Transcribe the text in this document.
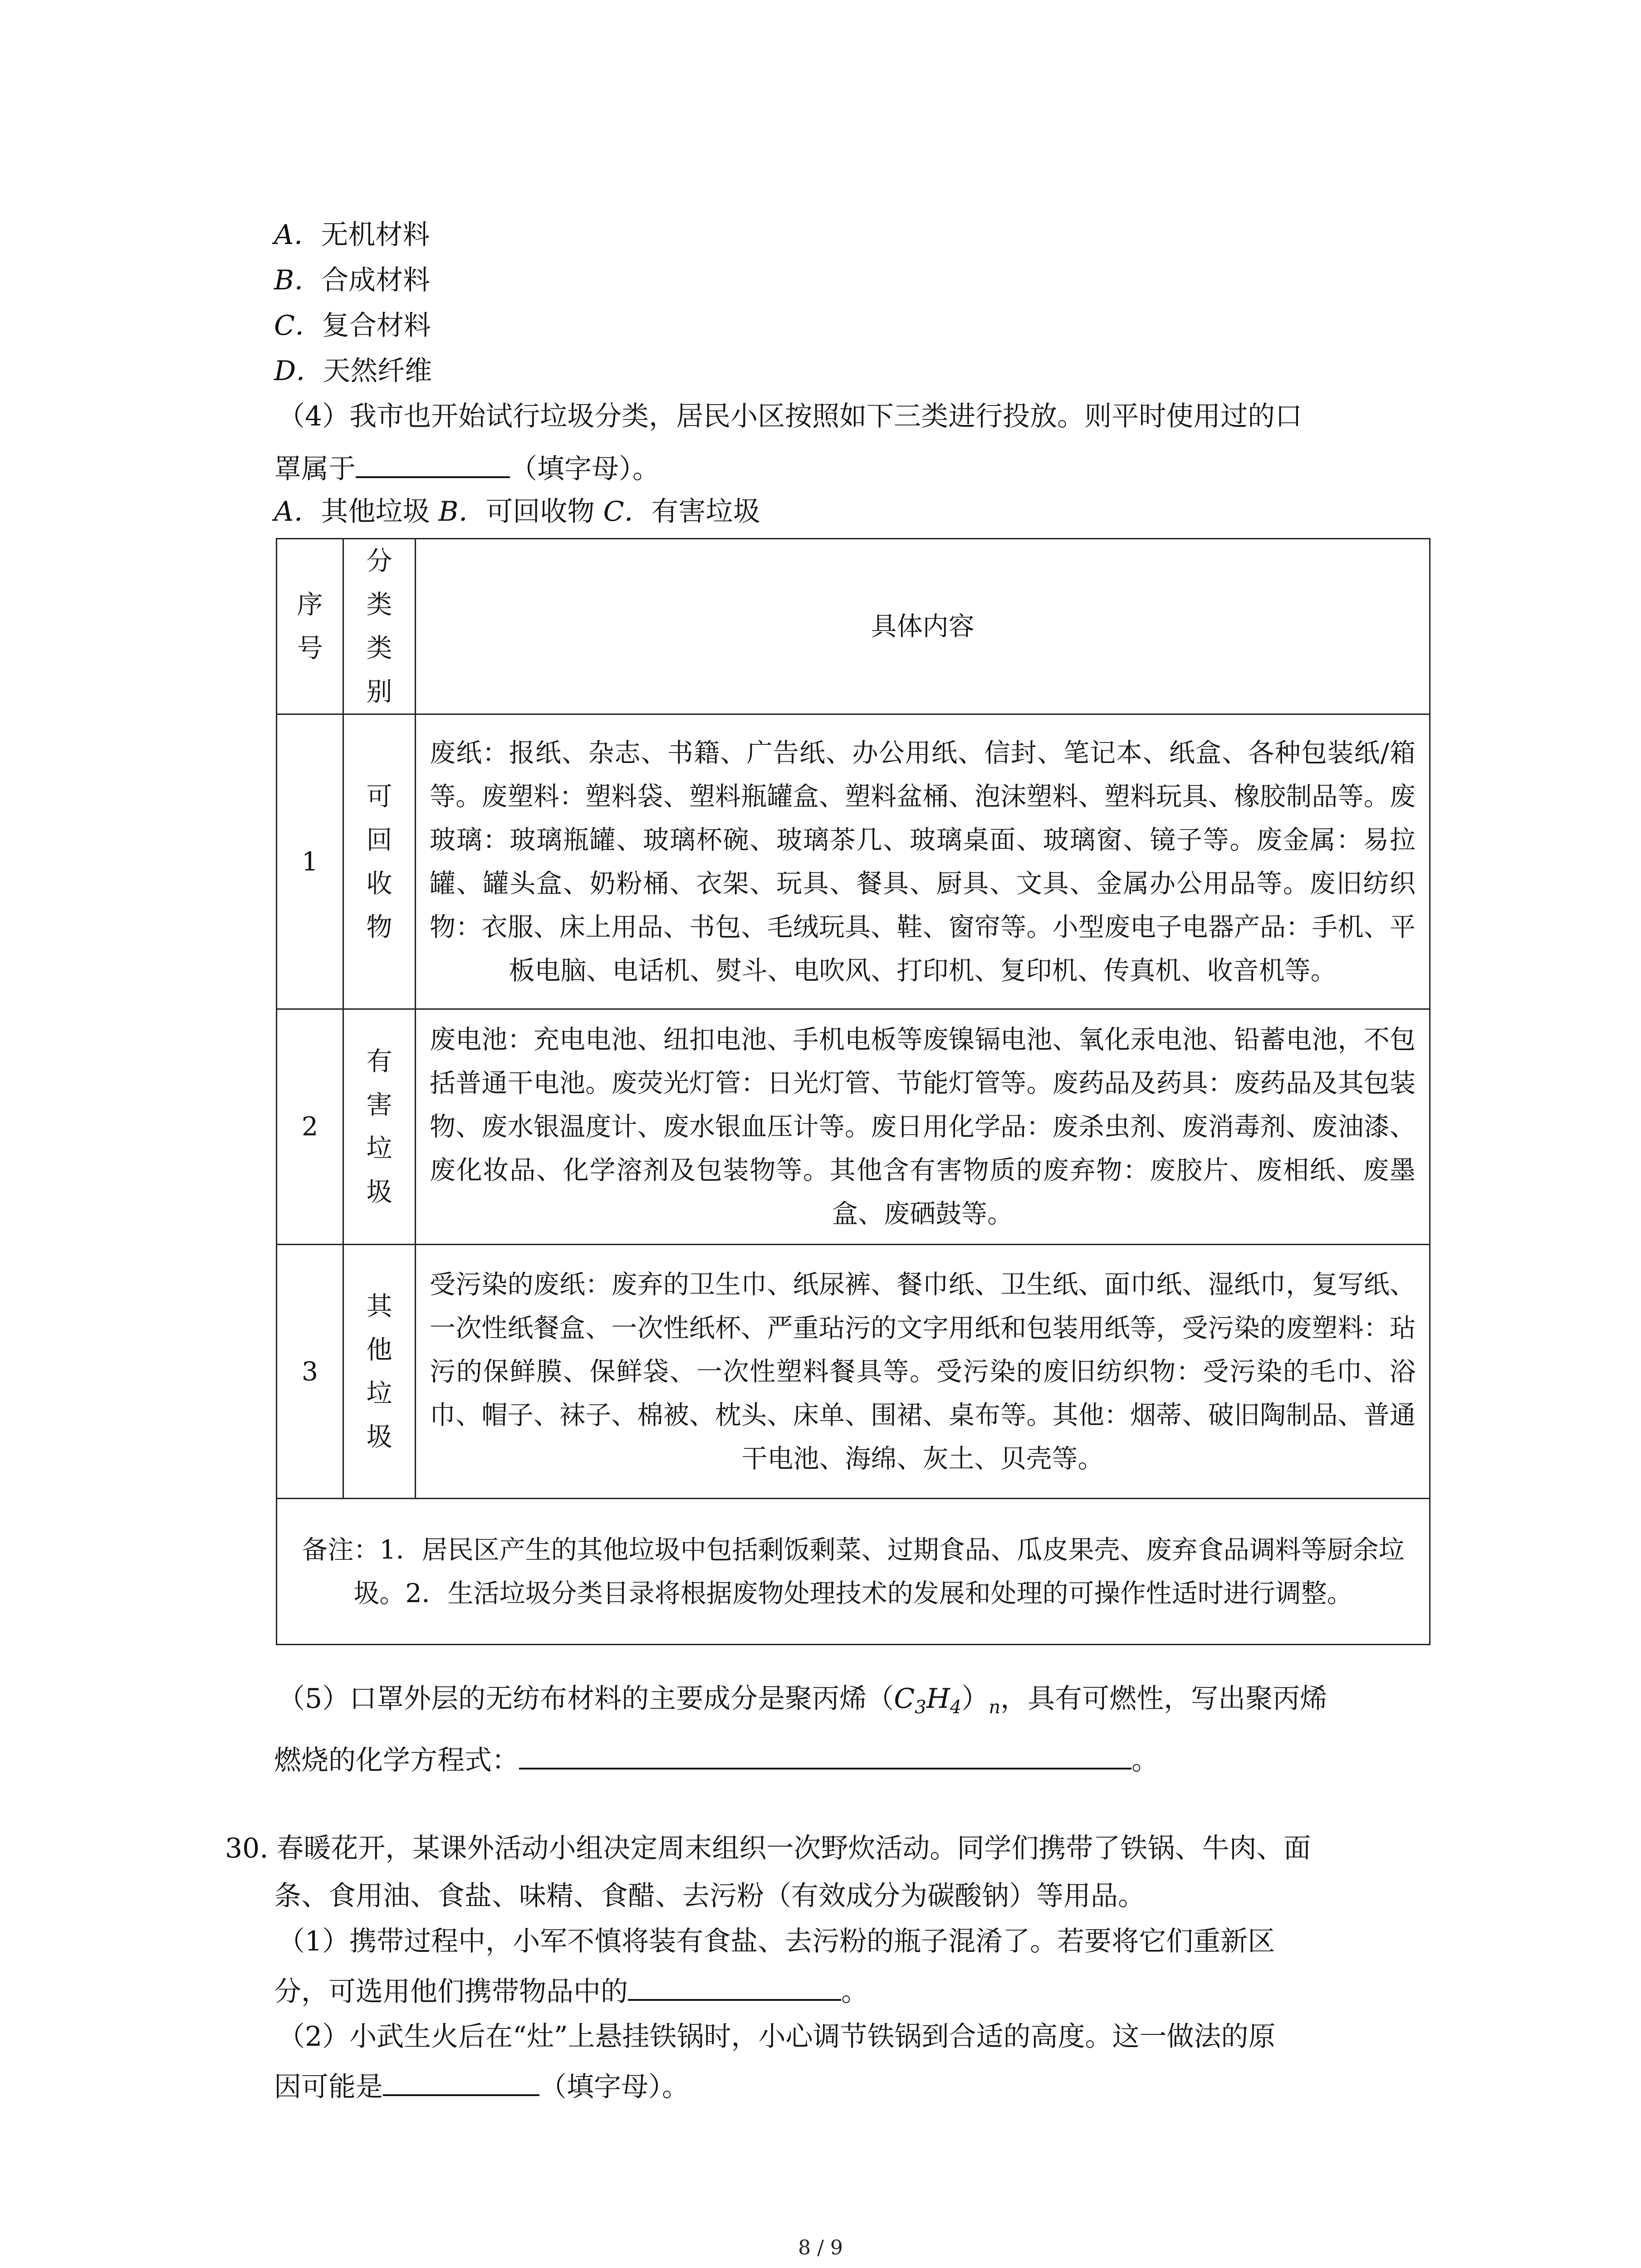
A．无机材料
B．合成材料
C．复合材料
D．天然纤维
（4）我市也开始试行垃圾分类，居民小区按照如下三类进行投放。则平时使用过的口
罩属于	（填字母）。
A．其他垃圾 B．可回收物 C．有害垃圾
序号	分类类别	具体内容
1	可回收物	废纸：报纸、杂志、书籍、广告纸、办公用纸、信封、笔记本、纸盒、各种包装纸/箱等。废塑料：塑料袋、塑料瓶罐盒、塑料盆桶、泡沫塑料、塑料玩具、橡胶制品等。废玻璃：玻璃瓶罐、玻璃杯碗、玻璃茶几、玻璃桌面、玻璃窗、镜子等。废金属：易拉罐、罐头盒、奶粉桶、衣架、玩具、餐具、厨具、文具、金属办公用品等。废旧纺织物：衣服、床上用品、书包、毛绒玩具、鞋、窗帘等。小型废电子电器产品：手机、平板电脑、电话机、熨斗、电吹风、打印机、复印机、传真机、收音机等。
2	有害垃圾	废电池：充电电池、纽扣电池、手机电板等废镍镉电池、氧化汞电池、铅蓄电池，不包括普通干电池。废荧光灯管：日光灯管、节能灯管等。废药品及药具：废药品及其包装物、废水银温度计、废水银血压计等。废日用化学品：废杀虫剂、废消毒剂、废油漆、废化妆品、化学溶剂及包装物等。其他含有害物质的废弃物：废胶片、废相纸、废墨盒、废硒鼓等。
3	其他垃圾	受污染的废纸：废弃的卫生巾、纸尿裤、餐巾纸、卫生纸、面巾纸、湿纸巾，复写纸、一次性纸餐盒、一次性纸杯、严重玷污的文字用纸和包装用纸等，受污染的废塑料：玷污的保鲜膜、保鲜袋、一次性塑料餐具等。受污染的废旧纺织物：受污染的毛巾、浴巾、帽子、袜子、棉被、枕头、床单、围裙、桌布等。其他：烟蒂、破旧陶制品、普通干电池、海绵、灰土、贝壳等。
备注：1．居民区产生的其他垃圾中包括剩饭剩菜、过期食品、瓜皮果壳、废弃食品调料等厨余垃圾。2．生活垃圾分类目录将根据废物处理技术的发展和处理的可操作性适时进行调整。		
（5）口罩外层的无纺布材料的主要成分是聚丙烯$(C_3H_4)_n$，具有可燃性，写出聚丙烯
燃烧的化学方程式：	。
30. 春暖花开，某课外活动小组决定周末组织一次野炊活动。同学们携带了铁锅、牛肉、面
条、食用油、食盐、味精、食醋、去污粉（有效成分为碳酸钠）等用品。
（1）携带过程中，小军不慎将装有食盐、去污粉的瓶子混淆了。若要将它们重新区
分，可选用他们携带物品中的	。
（2）小武生火后在“灶”上悬挂铁锅时，小心调节铁锅到合适的高度。这一做法的原
因可能是	（填字母）。
8 / 9
